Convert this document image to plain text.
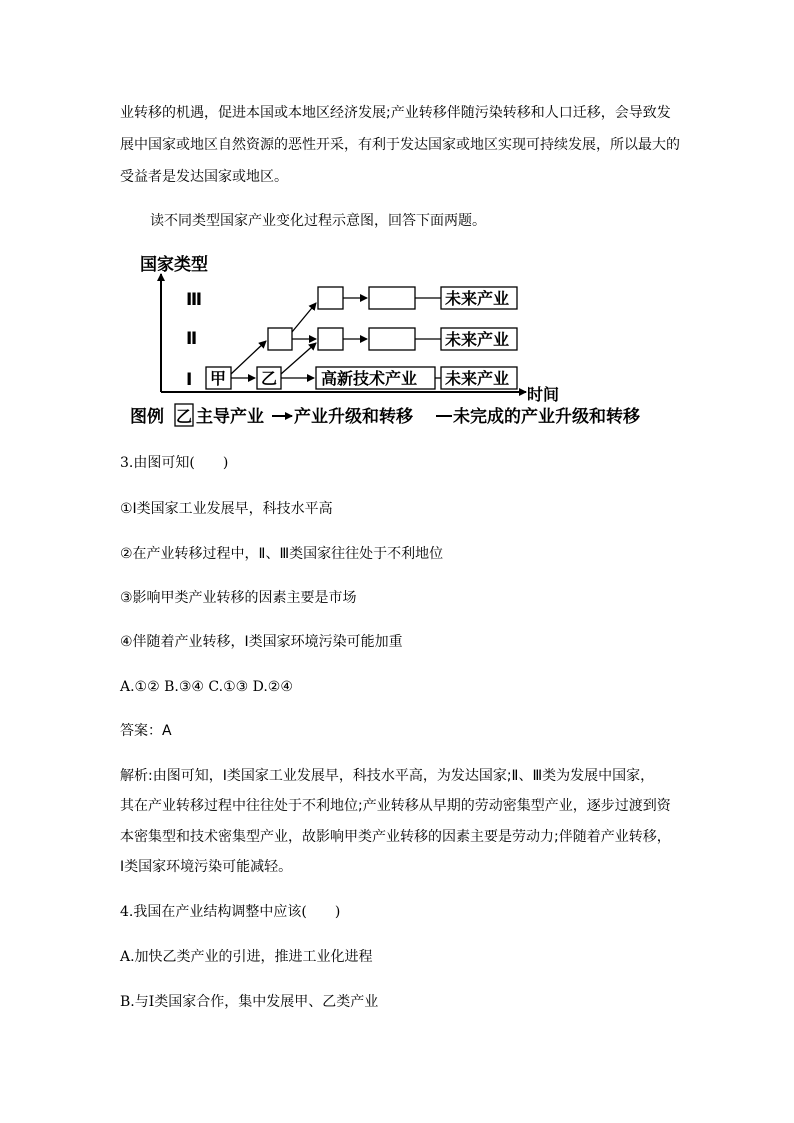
业转移的机遇，促进本国或本地区经济发展;产业转移伴随污染转移和人口迁移，会导致发
展中国家或地区自然资源的恶性开采，有利于发达国家或地区实现可持续发展，所以最大的
受益者是发达国家或地区。
读不同类型国家产业变化过程示意图，回答下面两题。
国家类型
时间
Ⅲ
Ⅱ
Ⅰ
未来产业
未来产业
甲 乙	高新技术产业 未来产业
图例 乙 主导产业 产业升级和转移 未完成的产业升级和转移
3.由图可知(　　)
①Ⅰ类国家工业发展早，科技水平高
②在产业转移过程中，Ⅱ、Ⅲ类国家往往处于不利地位
③影响甲类产业转移的因素主要是市场
④伴随着产业转移，Ⅰ类国家环境污染可能加重
A.①② B.③④ C.①③ D.②④
答案：A
解析:由图可知，Ⅰ类国家工业发展早，科技水平高，为发达国家;Ⅱ、Ⅲ类为发展中国家，
其在产业转移过程中往往处于不利地位;产业转移从早期的劳动密集型产业，逐步过渡到资
本密集型和技术密集型产业，故影响甲类产业转移的因素主要是劳动力;伴随着产业转移，
Ⅰ类国家环境污染可能减轻。
4.我国在产业结构调整中应该(　　)
A.加快乙类产业的引进，推进工业化进程
B.与Ⅰ类国家合作，集中发展甲、乙类产业
